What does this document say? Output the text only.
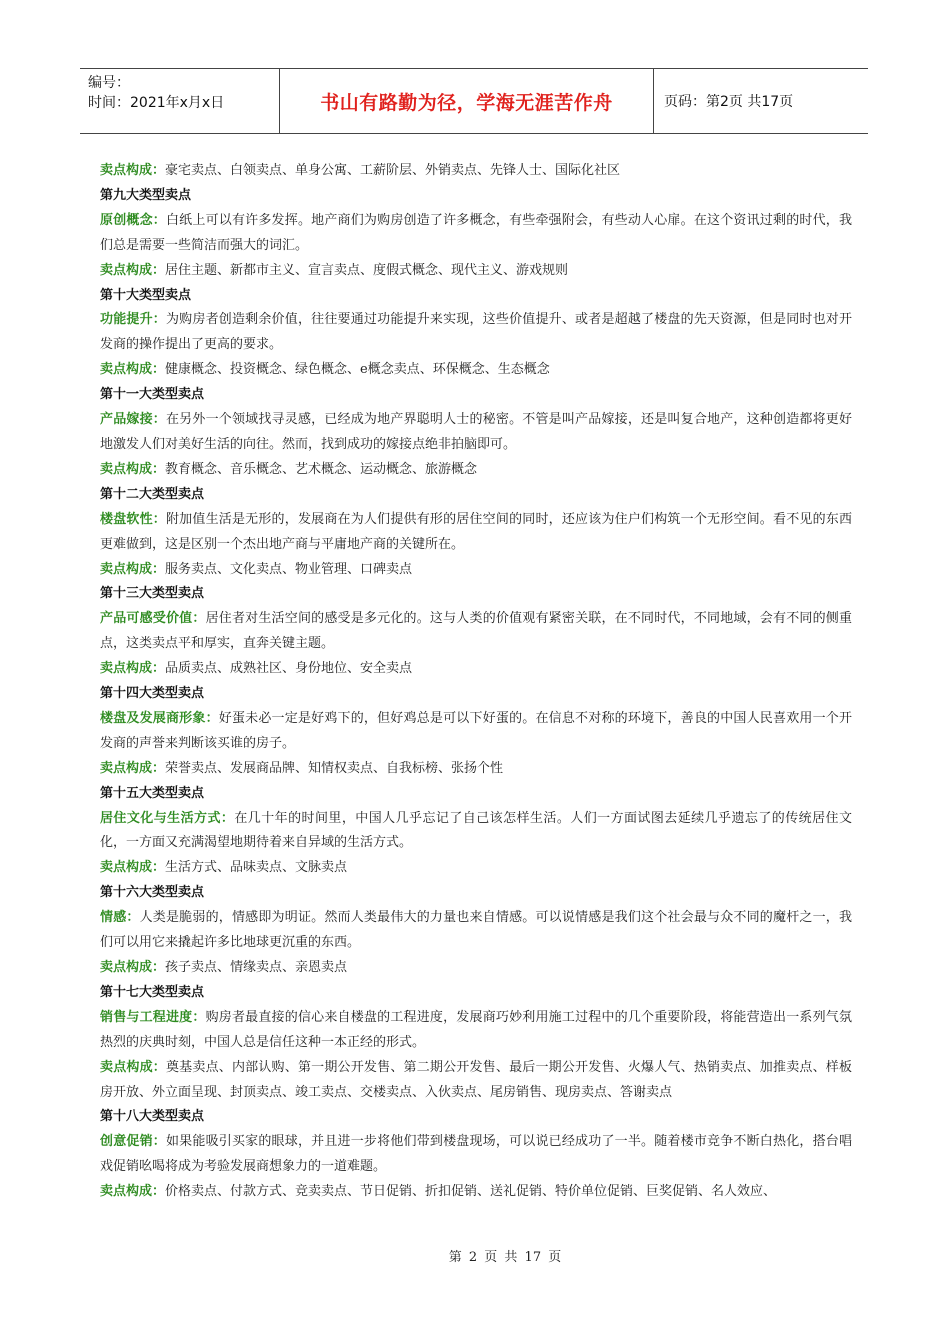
编号：
时间：2021年x月x日	书山有路勤为径，学海无涯苦作舟	页码：第2页 共17页
卖点构成：豪宅卖点、白领卖点、单身公寓、工薪阶层、外销卖点、先锋人士、国际化社区
第九大类型卖点
原创概念：白纸上可以有许多发挥。地产商们为购房创造了许多概念，有些牵强附会，有些动人心扉。在这个资讯过剩的时代，我们总是需要一些简洁而强大的词汇。
卖点构成：居住主题、新都市主义、宣言卖点、度假式概念、现代主义、游戏规则
第十大类型卖点
功能提升：为购房者创造剩余价值，往往要通过功能提升来实现，这些价值提升、或者是超越了楼盘的先天资源，但是同时也对开发商的操作提出了更高的要求。
卖点构成：健康概念、投资概念、绿色概念、e概念卖点、环保概念、生态概念
第十一大类型卖点
产品嫁接：在另外一个领域找寻灵感，已经成为地产界聪明人士的秘密。不管是叫产品嫁接，还是叫复合地产，这种创造都将更好地激发人们对美好生活的向往。然而，找到成功的嫁接点绝非拍脑即可。
卖点构成：教育概念、音乐概念、艺术概念、运动概念、旅游概念
第十二大类型卖点
楼盘软性：附加值生活是无形的，发展商在为人们提供有形的居住空间的同时，还应该为住户们构筑一个无形空间。看不见的东西更难做到，这是区别一个杰出地产商与平庸地产商的关键所在。
卖点构成：服务卖点、文化卖点、物业管理、口碑卖点
第十三大类型卖点
产品可感受价值：居住者对生活空间的感受是多元化的。这与人类的价值观有紧密关联，在不同时代，不同地域，会有不同的侧重点，这类卖点平和厚实，直奔关键主题。
卖点构成：品质卖点、成熟社区、身份地位、安全卖点
第十四大类型卖点
楼盘及发展商形象：好蛋未必一定是好鸡下的，但好鸡总是可以下好蛋的。在信息不对称的环境下，善良的中国人民喜欢用一个开发商的声誉来判断该买谁的房子。
卖点构成：荣誉卖点、发展商品牌、知情权卖点、自我标榜、张扬个性
第十五大类型卖点
居住文化与生活方式：在几十年的时间里，中国人几乎忘记了自己该怎样生活。人们一方面试图去延续几乎遗忘了的传统居住文化，一方面又充满渴望地期待着来自异域的生活方式。
卖点构成：生活方式、品味卖点、文脉卖点
第十六大类型卖点
情感：人类是脆弱的，情感即为明证。然而人类最伟大的力量也来自情感。可以说情感是我们这个社会最与众不同的魔杆之一，我们可以用它来撬起许多比地球更沉重的东西。
卖点构成：孩子卖点、情缘卖点、亲恩卖点
第十七大类型卖点
销售与工程进度：购房者最直接的信心来自楼盘的工程进度，发展商巧妙利用施工过程中的几个重要阶段，将能营造出一系列气氛热烈的庆典时刻，中国人总是信任这种一本正经的形式。
卖点构成：奠基卖点、内部认购、第一期公开发售、第二期公开发售、最后一期公开发售、火爆人气、热销卖点、加推卖点、样板房开放、外立面呈现、封顶卖点、竣工卖点、交楼卖点、入伙卖点、尾房销售、现房卖点、答谢卖点
第十八大类型卖点
创意促销：如果能吸引买家的眼球，并且进一步将他们带到楼盘现场，可以说已经成功了一半。随着楼市竞争不断白热化，搭台唱戏促销吆喝将成为考验发展商想象力的一道难题。
卖点构成：价格卖点、付款方式、竞卖卖点、节日促销、折扣促销、送礼促销、特价单位促销、巨奖促销、名人效应、
第 2 页 共 17 页
